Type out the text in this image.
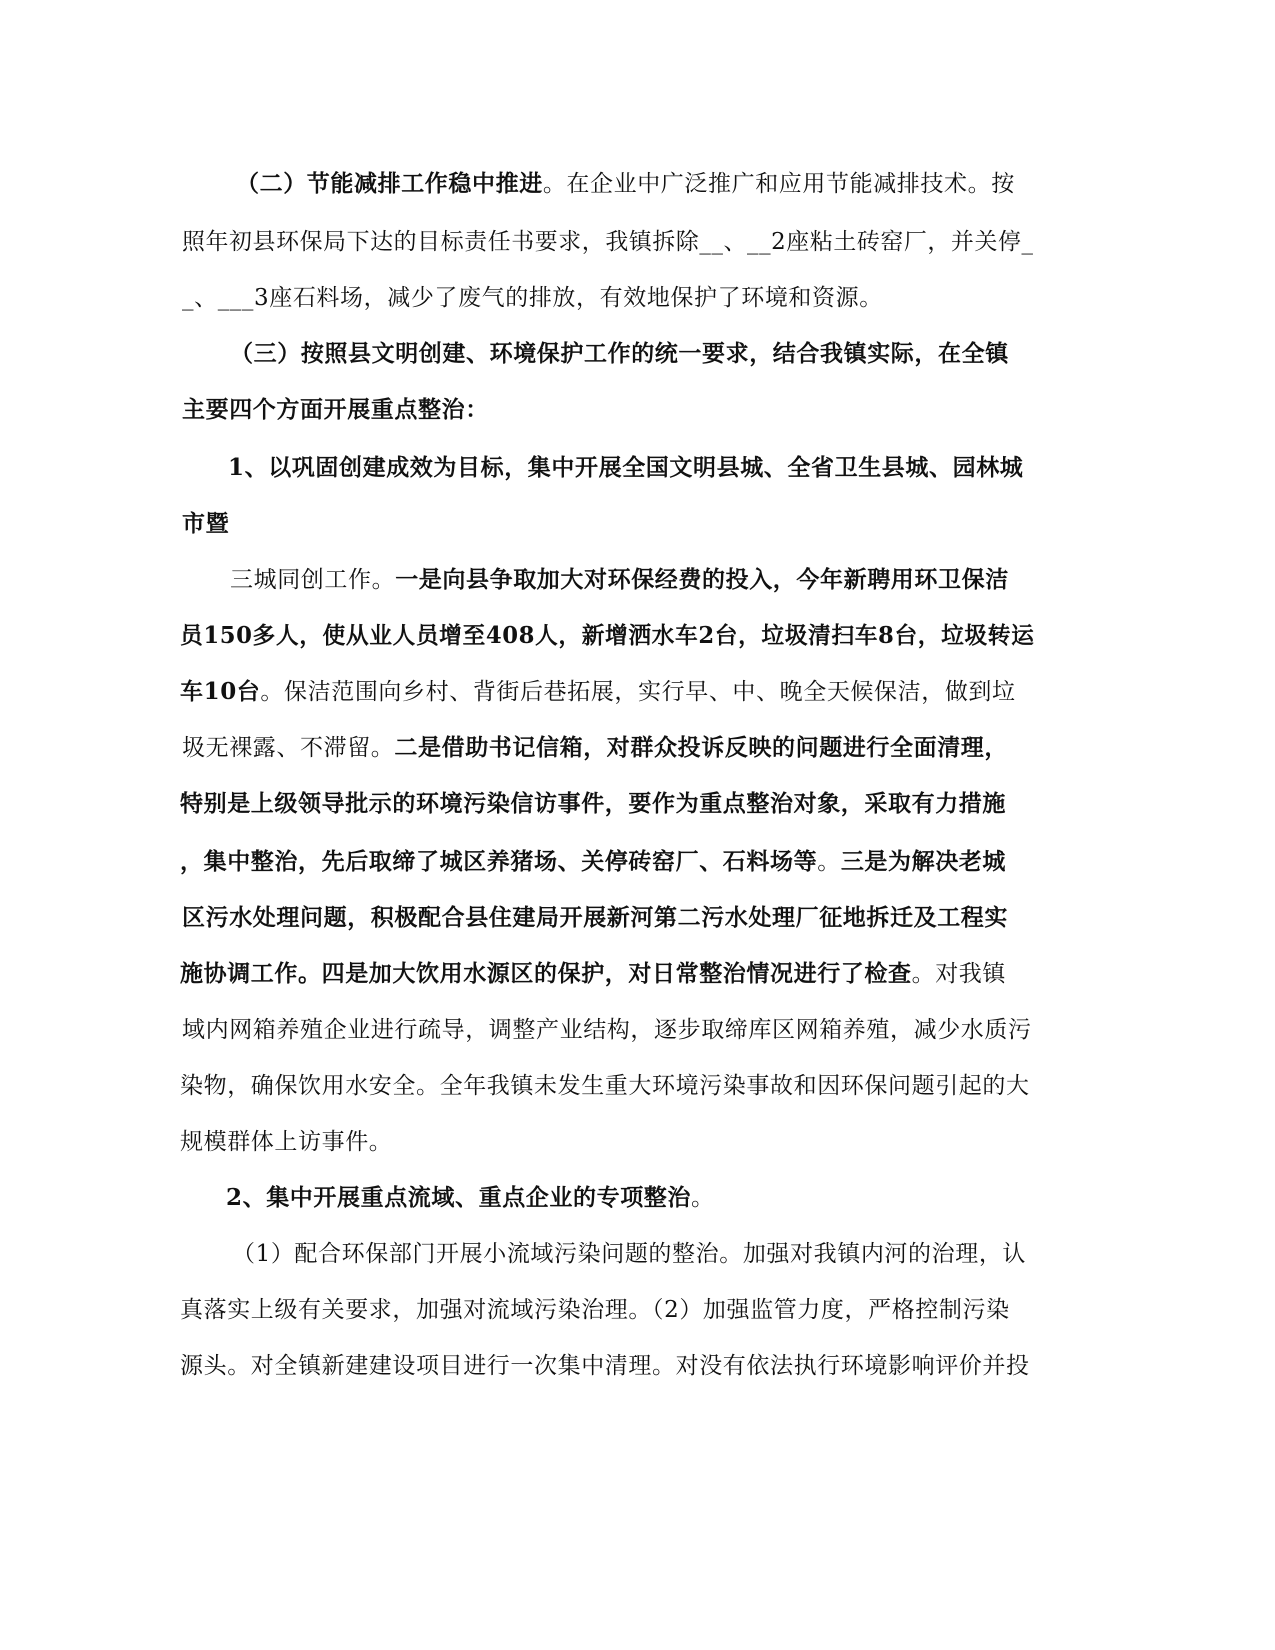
（二）节能减排工作稳中推进。在企业中广泛推广和应用节能减排技术。按
照年初县环保局下达的目标责任书要求，我镇拆除__、__2座粘土砖窑厂，并关停_
_、___3座石料场，减少了废气的排放，有效地保护了环境和资源。
（三）按照县文明创建、环境保护工作的统一要求，结合我镇实际，在全镇
主要四个方面开展重点整治：
1、以巩固创建成效为目标，集中开展全国文明县城、全省卫生县城、园林城
市暨
三城同创工作。一是向县争取加大对环保经费的投入，今年新聘用环卫保洁
员150多人，使从业人员增至408人，新增洒水车2台，垃圾清扫车8台，垃圾转运
车10台。保洁范围向乡村、背街后巷拓展，实行早、中、晚全天候保洁，做到垃
圾无裸露、不滞留。二是借助书记信箱，对群众投诉反映的问题进行全面清理，
特别是上级领导批示的环境污染信访事件，要作为重点整治对象，采取有力措施
，集中整治，先后取缔了城区养猪场、关停砖窑厂、石料场等。三是为解决老城
区污水处理问题，积极配合县住建局开展新河第二污水处理厂征地拆迁及工程实
施协调工作。四是加大饮用水源区的保护，对日常整治情况进行了检查。对我镇
域内网箱养殖企业进行疏导，调整产业结构，逐步取缔库区网箱养殖，减少水质污
染物，确保饮用水安全。全年我镇未发生重大环境污染事故和因环保问题引起的大
规模群体上访事件。
2、集中开展重点流域、重点企业的专项整治。
（1）配合环保部门开展小流域污染问题的整治。加强对我镇内河的治理，认
真落实上级有关要求，加强对流域污染治理。（2）加强监管力度，严格控制污染
源头。对全镇新建建设项目进行一次集中清理。对没有依法执行环境影响评价并投
